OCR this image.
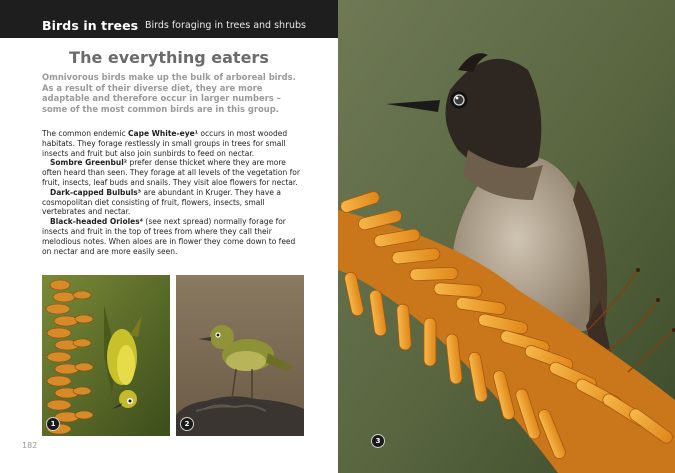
Birds in trees Birds foraging in trees and shrubs
The everything eaters

Omnivorous birds make up the bulk of arboreal birds. As a result of their diverse diet, they are more adaptable and therefore occur in larger numbers – some of the most common birds are in this group.

The common endemic Cape White-eye¹ occurs in most wooded habitats. They forage restlessly in small groups in trees for small insects and fruit but also join sunbirds to feed on nectar.

Sombre Greenbul² prefer dense thicket where they are more often heard than seen. They forage at all levels of the vegetation for fruit, insects, leaf buds and snails. They visit aloe flowers for nectar.

Dark-capped Bulbuls³ are abundant in Kruger. They have a cosmopolitan diet consisting of fruit, flowers, insects, small vertebrates and nectar.

Black-headed Orioles⁴ (see next spread) normally forage for insects and fruit in the top of trees from where they call their melodious notes. When aloes are in flower they come down to feed on nectar and are more easily seen.

1	2
182	3
